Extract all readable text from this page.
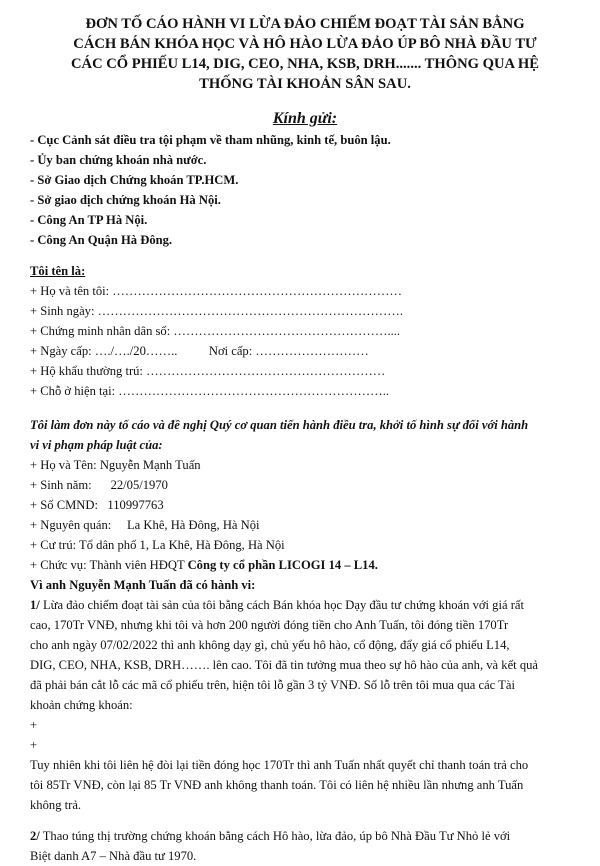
ĐƠN TỐ CÁO HÀNH VI LỪA ĐẢO CHIẾM ĐOẠT TÀI SẢN BẰNG
CÁCH BÁN KHÓA HỌC VÀ HÔ HÀO LỪA ĐẢO ÚP BÔ NHÀ ĐẦU TƯ
CÁC CỔ PHIẾU L14, DIG, CEO, NHA, KSB, DRH....... THÔNG QUA HỆ
THỐNG TÀI KHOẢN SÂN SAU.
Kính gửi:
- Cục Cảnh sát điều tra tội phạm về tham nhũng, kinh tế, buôn lậu.
- Ủy ban chứng khoán nhà nước.
- Sở Giao dịch Chứng khoán TP.HCM.
- Sở giao dịch chứng khoán Hà Nội.
- Công An TP Hà Nội.
- Công An Quận Hà Đông.
Tôi tên là:
+ Họ và tên tôi: ……………………………………………………………
+ Sinh ngày: ……………………………………………………………….
+ Chứng minh nhân dân số: ……………………………………………....
+ Ngày cấp: …./…./20……..          Nơi cấp: ………………………
+ Hộ khẩu thường trú: …………………………………………………
+ Chỗ ở hiện tại: ………………………………………………………..
Tôi làm đơn này tố cáo và đề nghị Quý cơ quan tiến hành điều tra, khởi tố hình sự đối với hành
vi vi phạm pháp luật của:
+ Họ và Tên: Nguyễn Mạnh Tuấn
+ Sinh năm:      22/05/1970
+ Số CMND:   110997763
+ Nguyên quán:     La Khê, Hà Đông, Hà Nội
+ Cư trú: Tổ dân phố 1, La Khê, Hà Đông, Hà Nội
+ Chức vụ: Thành viên HĐQT Công ty cổ phần LICOGI 14 – L14.
Vì anh Nguyễn Mạnh Tuấn đã có hành vi:
1/ Lừa đảo chiếm đoạt tài sản của tôi bằng cách Bán khóa học Dạy đầu tư chứng khoán với giá rất
cao, 170Tr VNĐ, nhưng khi tôi và hơn 200 người đóng tiền cho Anh Tuấn, tôi đóng tiền 170Tr
cho anh ngày 07/02/2022 thì anh không dạy gì, chủ yếu hô hào, cổ động, đẩy giá cổ phiếu L14,
DIG, CEO, NHA, KSB, DRH……. lên cao. Tôi đã tin tưởng mua theo sự hô hào của anh, và kết quả
đã phải bán cắt lỗ các mã cổ phiếu trên, hiện tôi lỗ gần 3 tỷ VNĐ. Số lỗ trên tôi mua qua các Tài
khoản chứng khoán:
+
+
Tuy nhiên khi tôi liên hệ đòi lại tiền đóng học 170Tr thì anh Tuấn nhất quyết chỉ thanh toán trả cho
tôi 85Tr VNĐ, còn lại 85 Tr VNĐ anh không thanh toán. Tôi có liên hệ nhiều lần nhưng anh Tuấn
không trả.
2/ Thao túng thị trường chứng khoán bằng cách Hô hào, lừa đảo, úp bô Nhà Đầu Tư Nhỏ lẻ với
Biệt danh A7 – Nhà đầu tư 1970.
